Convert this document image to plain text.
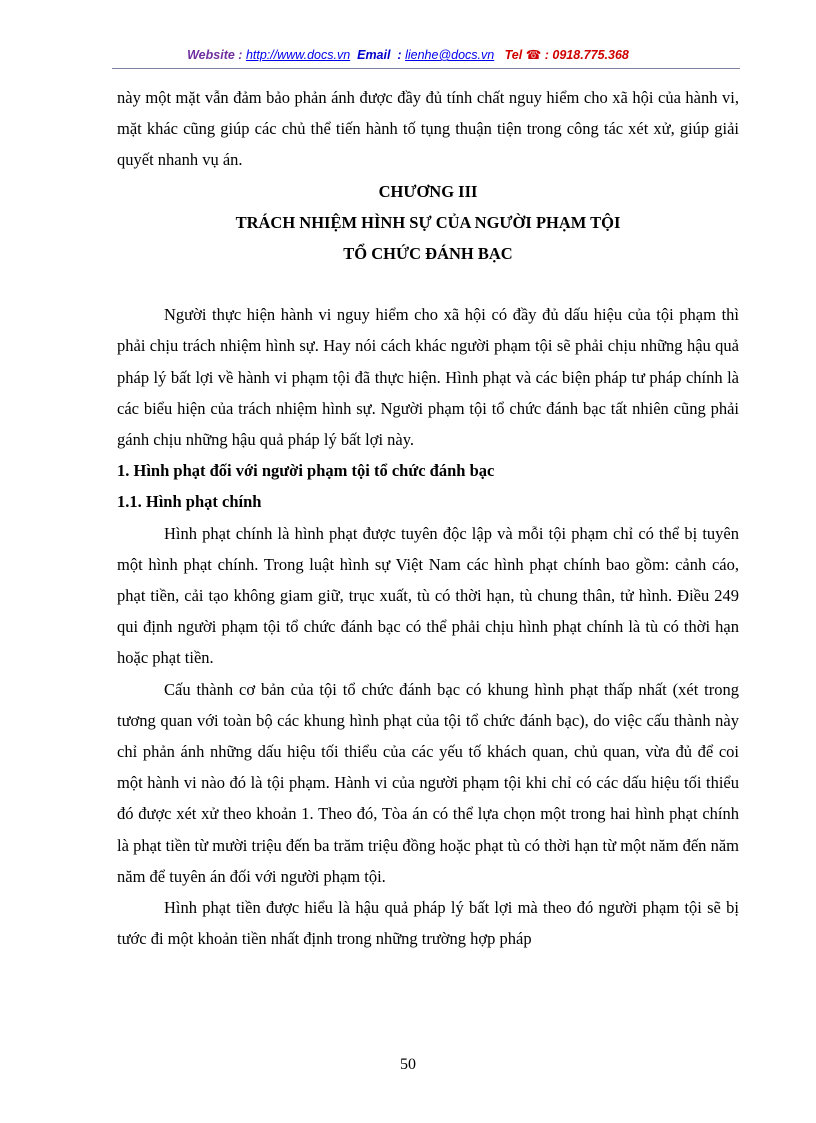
Website : http://www.docs.vn Email : lienhe@docs.vn Tel ☎ : 0918.775.368

này một mặt vẫn đảm bảo phản ánh được đầy đủ tính chất nguy hiểm cho xã hội của hành vi, mặt khác cũng giúp các chủ thể tiến hành tố tụng thuận tiện trong công tác xét xử, giúp giải quyết nhanh vụ án.

CHƯƠNG III

TRÁCH NHIỆM HÌNH SỰ CỦA NGƯỜI PHẠM TỘI

TỔ CHỨC ĐÁNH BẠC

Người thực hiện hành vi nguy hiểm cho xã hội có đầy đủ dấu hiệu của tội phạm thì phải chịu trách nhiệm hình sự. Hay nói cách khác người phạm tội sẽ phải chịu những hậu quả pháp lý bất lợi về hành vi phạm tội đã thực hiện. Hình phạt và các biện pháp tư pháp chính là các biểu hiện của trách nhiệm hình sự. Người phạm tội tổ chức đánh bạc tất nhiên cũng phải gánh chịu những hậu quả pháp lý bất lợi này.

1. Hình phạt đối với người phạm tội tổ chức đánh bạc

1.1. Hình phạt chính

Hình phạt chính là hình phạt được tuyên độc lập và mỗi tội phạm chỉ có thể bị tuyên một hình phạt chính. Trong luật hình sự Việt Nam các hình phạt chính bao gồm: cảnh cáo, phạt tiền, cải tạo không giam giữ, trục xuất, tù có thời hạn, tù chung thân, tử hình. Điều 249 qui định người phạm tội tổ chức đánh bạc có thể phải chịu hình phạt chính là tù có thời hạn hoặc phạt tiền.

Cấu thành cơ bản của tội tổ chức đánh bạc có khung hình phạt thấp nhất (xét trong tương quan với toàn bộ các khung hình phạt của tội tổ chức đánh bạc), do việc cấu thành này chỉ phản ánh những dấu hiệu tối thiểu của các yếu tố khách quan, chủ quan, vừa đủ để coi một hành vi nào đó là tội phạm. Hành vi của người phạm tội khi chỉ có các dấu hiệu tối thiểu đó được xét xử theo khoản 1. Theo đó, Tòa án có thể lựa chọn một trong hai hình phạt chính là phạt tiền từ mười triệu đến ba trăm triệu đồng hoặc phạt tù có thời hạn từ một năm đến năm năm để tuyên án đối với người phạm tội.

Hình phạt tiền được hiểu là hậu quả pháp lý bất lợi mà theo đó người phạm tội sẽ bị tước đi một khoản tiền nhất định trong những trường hợp pháp

50
